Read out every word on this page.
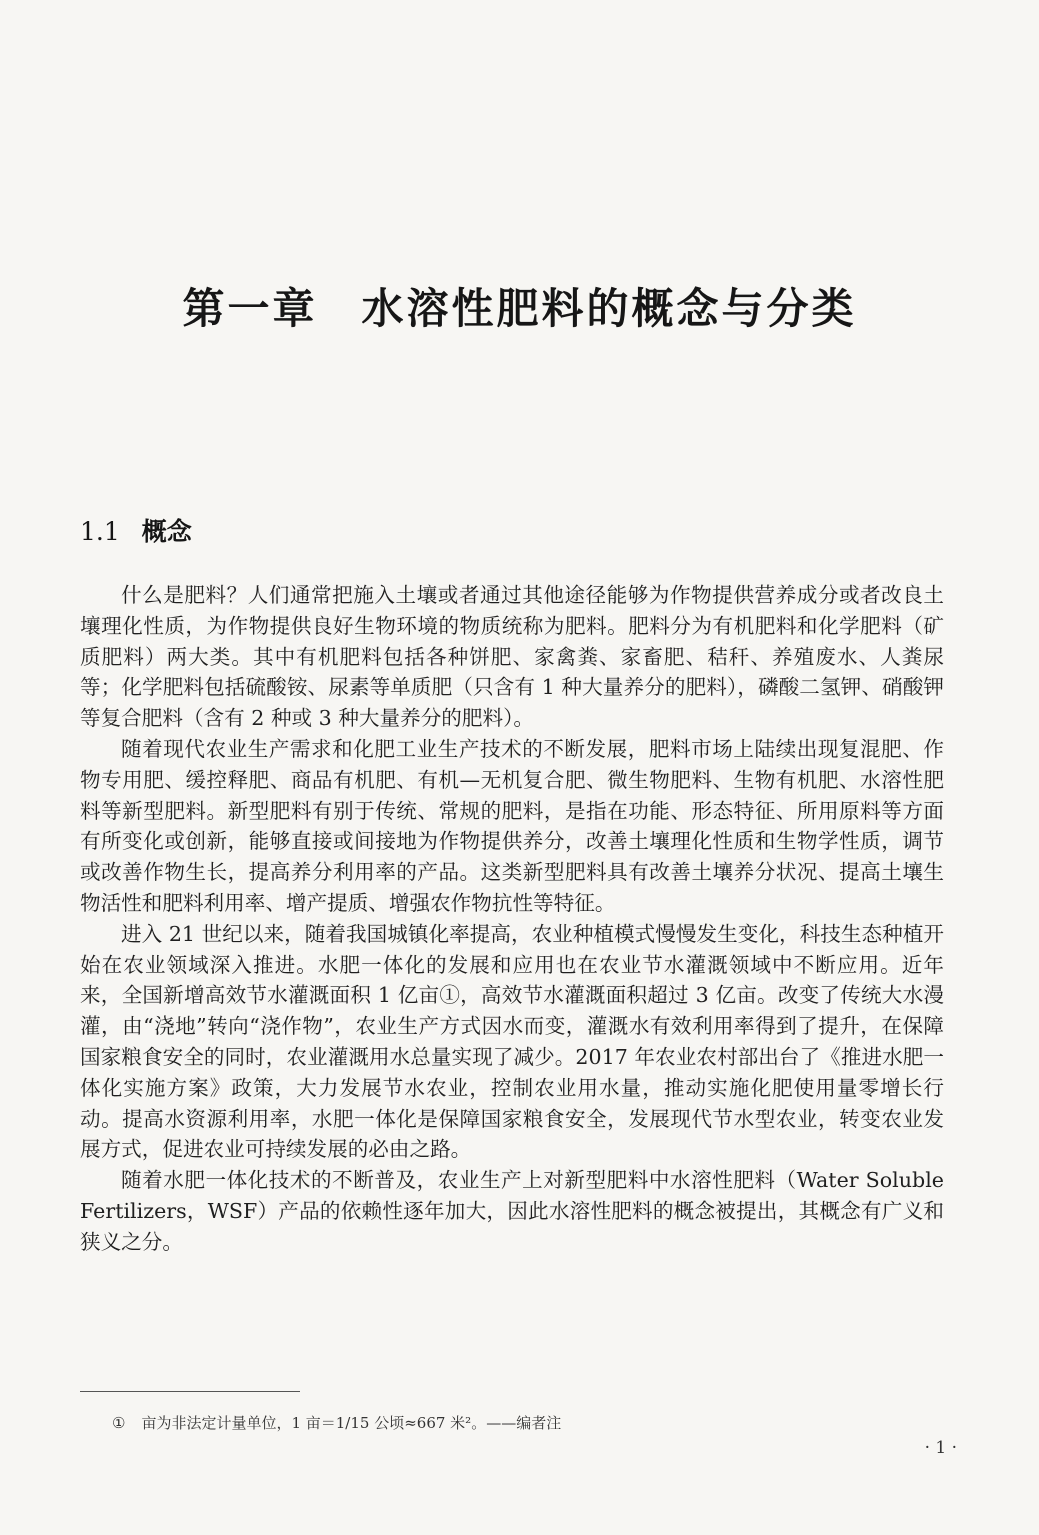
第一章 水溶性肥料的概念与分类
1.1 概念

什么是肥料？人们通常把施入土壤或者通过其他途径能够为作物提供营养成分或者改良土壤理化性质，为作物提供良好生物环境的物质统称为肥料。肥料分为有机肥料和化学肥料（矿质肥料）两大类。其中有机肥料包括各种饼肥、家禽粪、家畜肥、秸秆、养殖废水、人粪尿等；化学肥料包括硫酸铵、尿素等单质肥（只含有 1 种大量养分的肥料），磷酸二氢钾、硝酸钾等复合肥料（含有 2 种或 3 种大量养分的肥料）。

随着现代农业生产需求和化肥工业生产技术的不断发展，肥料市场上陆续出现复混肥、作物专用肥、缓控释肥、商品有机肥、有机—无机复合肥、微生物肥料、生物有机肥、水溶性肥料等新型肥料。新型肥料有别于传统、常规的肥料，是指在功能、形态特征、所用原料等方面有所变化或创新，能够直接或间接地为作物提供养分，改善土壤理化性质和生物学性质，调节或改善作物生长，提高养分利用率的产品。这类新型肥料具有改善土壤养分状况、提高土壤生物活性和肥料利用率、增产提质、增强农作物抗性等特征。

进入 21 世纪以来，随着我国城镇化率提高，农业种植模式慢慢发生变化，科技生态种植开始在农业领域深入推进。水肥一体化的发展和应用也在农业节水灌溉领域中不断应用。近年来，全国新增高效节水灌溉面积 1 亿亩①，高效节水灌溉面积超过 3 亿亩。改变了传统大水漫灌，由“浇地”转向“浇作物”，农业生产方式因水而变，灌溉水有效利用率得到了提升，在保障国家粮食安全的同时，农业灌溉用水总量实现了减少。2017 年农业农村部出台了《推进水肥一体化实施方案》政策，大力发展节水农业，控制农业用水量，推动实施化肥使用量零增长行动。提高水资源利用率，水肥一体化是保障国家粮食安全，发展现代节水型农业，转变农业发展方式，促进农业可持续发展的必由之路。

随着水肥一体化技术的不断普及，农业生产上对新型肥料中水溶性肥料（Water Soluble Fertilizers，WSF）产品的依赖性逐年加大，因此水溶性肥料的概念被提出，其概念有广义和狭义之分。

① 亩为非法定计量单位，1 亩＝1/15 公顷≈667 米²。——编者注
· 1 ·
